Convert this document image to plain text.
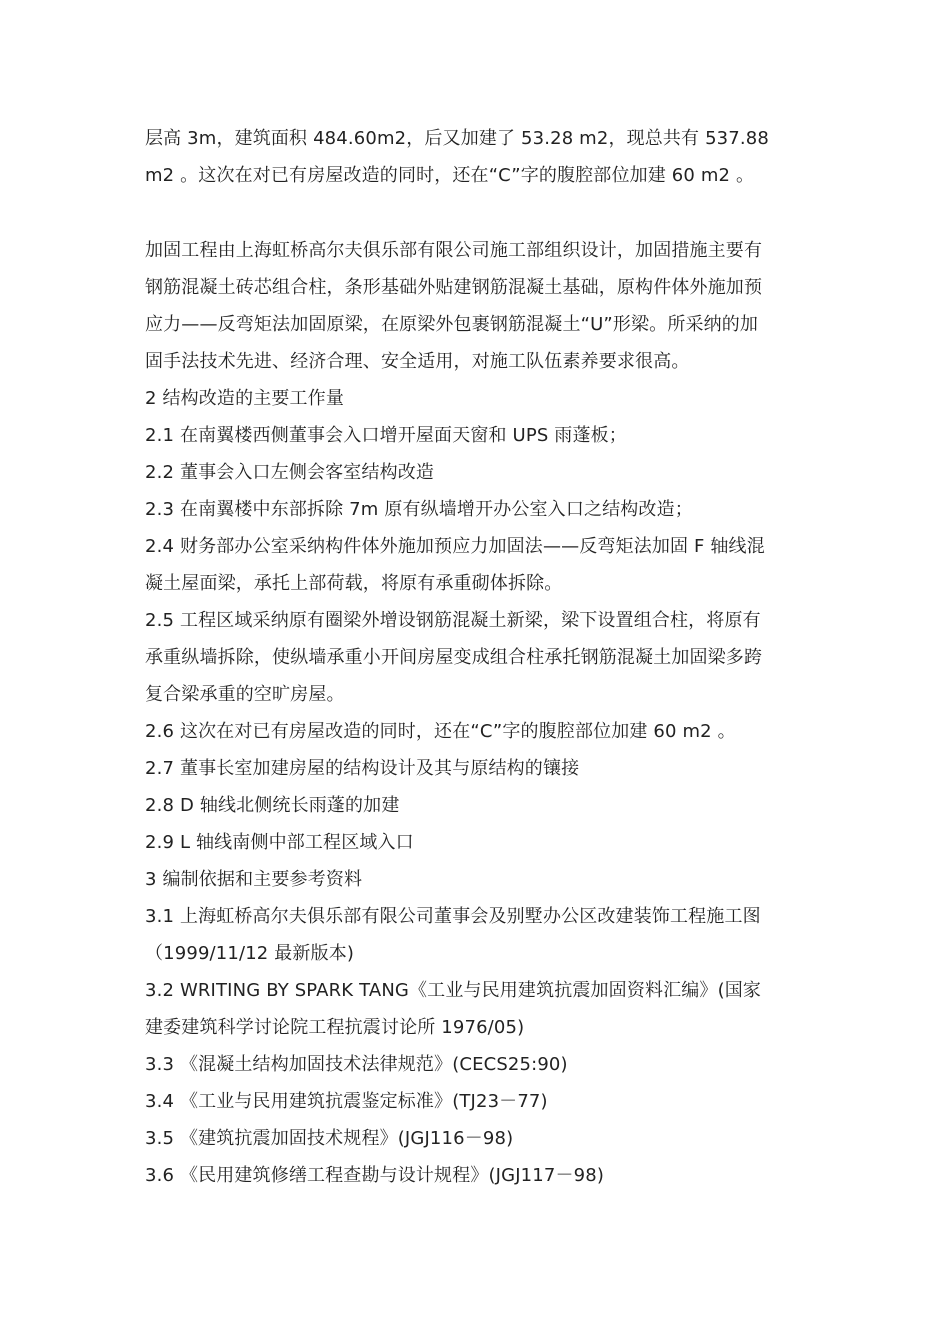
层高 3m，建筑面积 484.60m2，后又加建了 53.28 m2，现总共有 537.88
m2 。这次在对已有房屋改造的同时，还在“C”字的腹腔部位加建 60 m2 。
加固工程由上海虹桥高尔夫俱乐部有限公司施工部组织设计，加固措施主要有
钢筋混凝土砖芯组合柱，条形基础外贴建钢筋混凝土基础，原构件体外施加预
应力——反弯矩法加固原梁，在原梁外包裹钢筋混凝土“U”形梁。所采纳的加
固手法技术先进、经济合理、安全适用，对施工队伍素养要求很高。
2 结构改造的主要工作量
2.1 在南翼楼西侧董事会入口增开屋面天窗和 UPS 雨蓬板；
2.2 董事会入口左侧会客室结构改造
2.3 在南翼楼中东部拆除 7m 原有纵墙增开办公室入口之结构改造；
2.4 财务部办公室采纳构件体外施加预应力加固法——反弯矩法加固 F 轴线混
凝土屋面梁，承托上部荷载，将原有承重砌体拆除。
2.5 工程区域采纳原有圈梁外增设钢筋混凝土新梁，梁下设置组合柱，将原有
承重纵墙拆除，使纵墙承重小开间房屋变成组合柱承托钢筋混凝土加固梁多跨
复合梁承重的空旷房屋。
2.6 这次在对已有房屋改造的同时，还在“C”字的腹腔部位加建 60 m2 。
2.7 董事长室加建房屋的结构设计及其与原结构的镶接
2.8 D 轴线北侧统长雨蓬的加建
2.9 L 轴线南侧中部工程区域入口
3 编制依据和主要参考资料
3.1 上海虹桥高尔夫俱乐部有限公司董事会及别墅办公区改建装饰工程施工图
（1999/11/12 最新版本)
3.2 WRITING BY SPARK TANG《工业与民用建筑抗震加固资料汇编》(国家
建委建筑科学讨论院工程抗震讨论所 1976/05)
3.3 《混凝土结构加固技术法律规范》(CECS25:90)
3.4 《工业与民用建筑抗震鉴定标准》(TJ23－77)
3.5 《建筑抗震加固技术规程》(JGJ116－98)
3.6 《民用建筑修缮工程查勘与设计规程》(JGJ117－98)
